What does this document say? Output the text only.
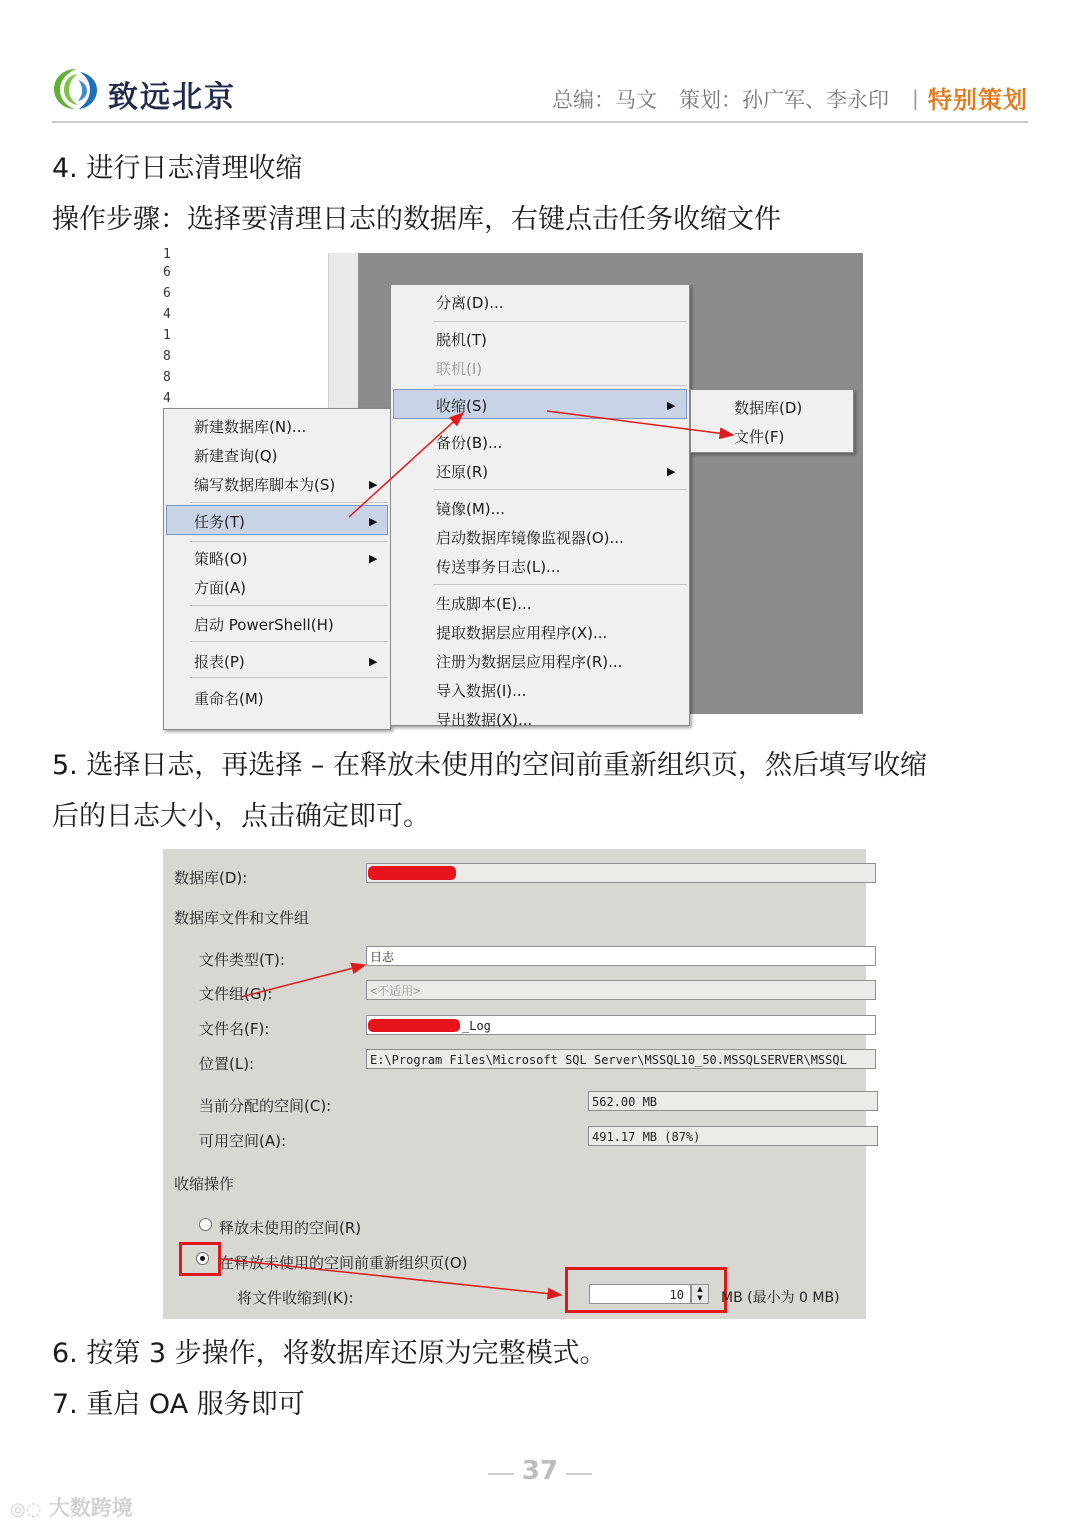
致远北京	总编：马文 策划：孙广军、李永印 | 特别策划
4. 进行日志清理收缩
操作步骤：选择要清理日志的数据库，右键点击任务收缩文件
1
6
6
4
1
8
8
4
新建数据库(N)...
新建查询(Q)
编写数据库脚本为(S)	▶
任务(T)	▶
策略(O)	▶
方面(A)
启动 PowerShell(H)
报表(P)	▶
重命名(M)
分离(D)...
脱机(T)
联机(I)
收缩(S)	▶
备份(B)...
还原(R)	▶
镜像(M)...
启动数据库镜像监视器(O)...
传送事务日志(L)...
生成脚本(E)...
提取数据层应用程序(X)...
注册为数据层应用程序(R)...
导入数据(I)...
导出数据(X)...
数据库(D)
文件(F)
5. 选择日志，再选择 – 在释放未使用的空间前重新组织页，然后填写收缩
后的日志大小，点击确定即可。
数据库(D):
数据库文件和文件组
文件类型(T):	日志
文件组(G):	<不适用>
文件名(F):	_Log
位置(L):	E:\Program Files\Microsoft SQL Server\MSSQL10_50.MSSQLSERVER\MSSQL
当前分配的空间(C):	562.00 MB
可用空间(A):	491.17 MB (87%)
收缩操作
释放未使用的空间(R)
在释放未使用的空间前重新组织页(O)
将文件收缩到(K):	10	▲
▼	MB (最小为 0 MB)
6. 按第 3 步操作，将数据库还原为完整模式。
7. 重启 OA 服务即可
37
◎◌ 大数跨境
